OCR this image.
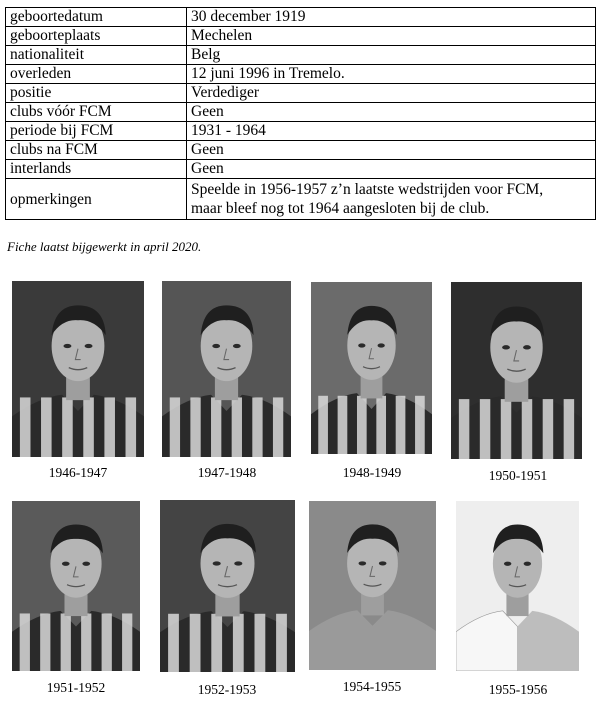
geboortedatum	30 december 1919
geboorteplaats	Mechelen
nationaliteit	Belg
overleden	12 juni 1996 in Tremelo.
positie	Verdediger
clubs vóór FCM	Geen
periode bij FCM	1931 - 1964
clubs na FCM	Geen
interlands	Geen
opmerkingen	Speelde in 1956-1957 z’n laatste wedstrijden voor FCM,
maar bleef nog tot 1964 aangesloten bij de club.
Fiche laatst bijgewerkt in april 2020.
1946-1947	1947-1948	1948-1949	1950-1951
1951-1952	1952-1953	1954-1955	1955-1956
